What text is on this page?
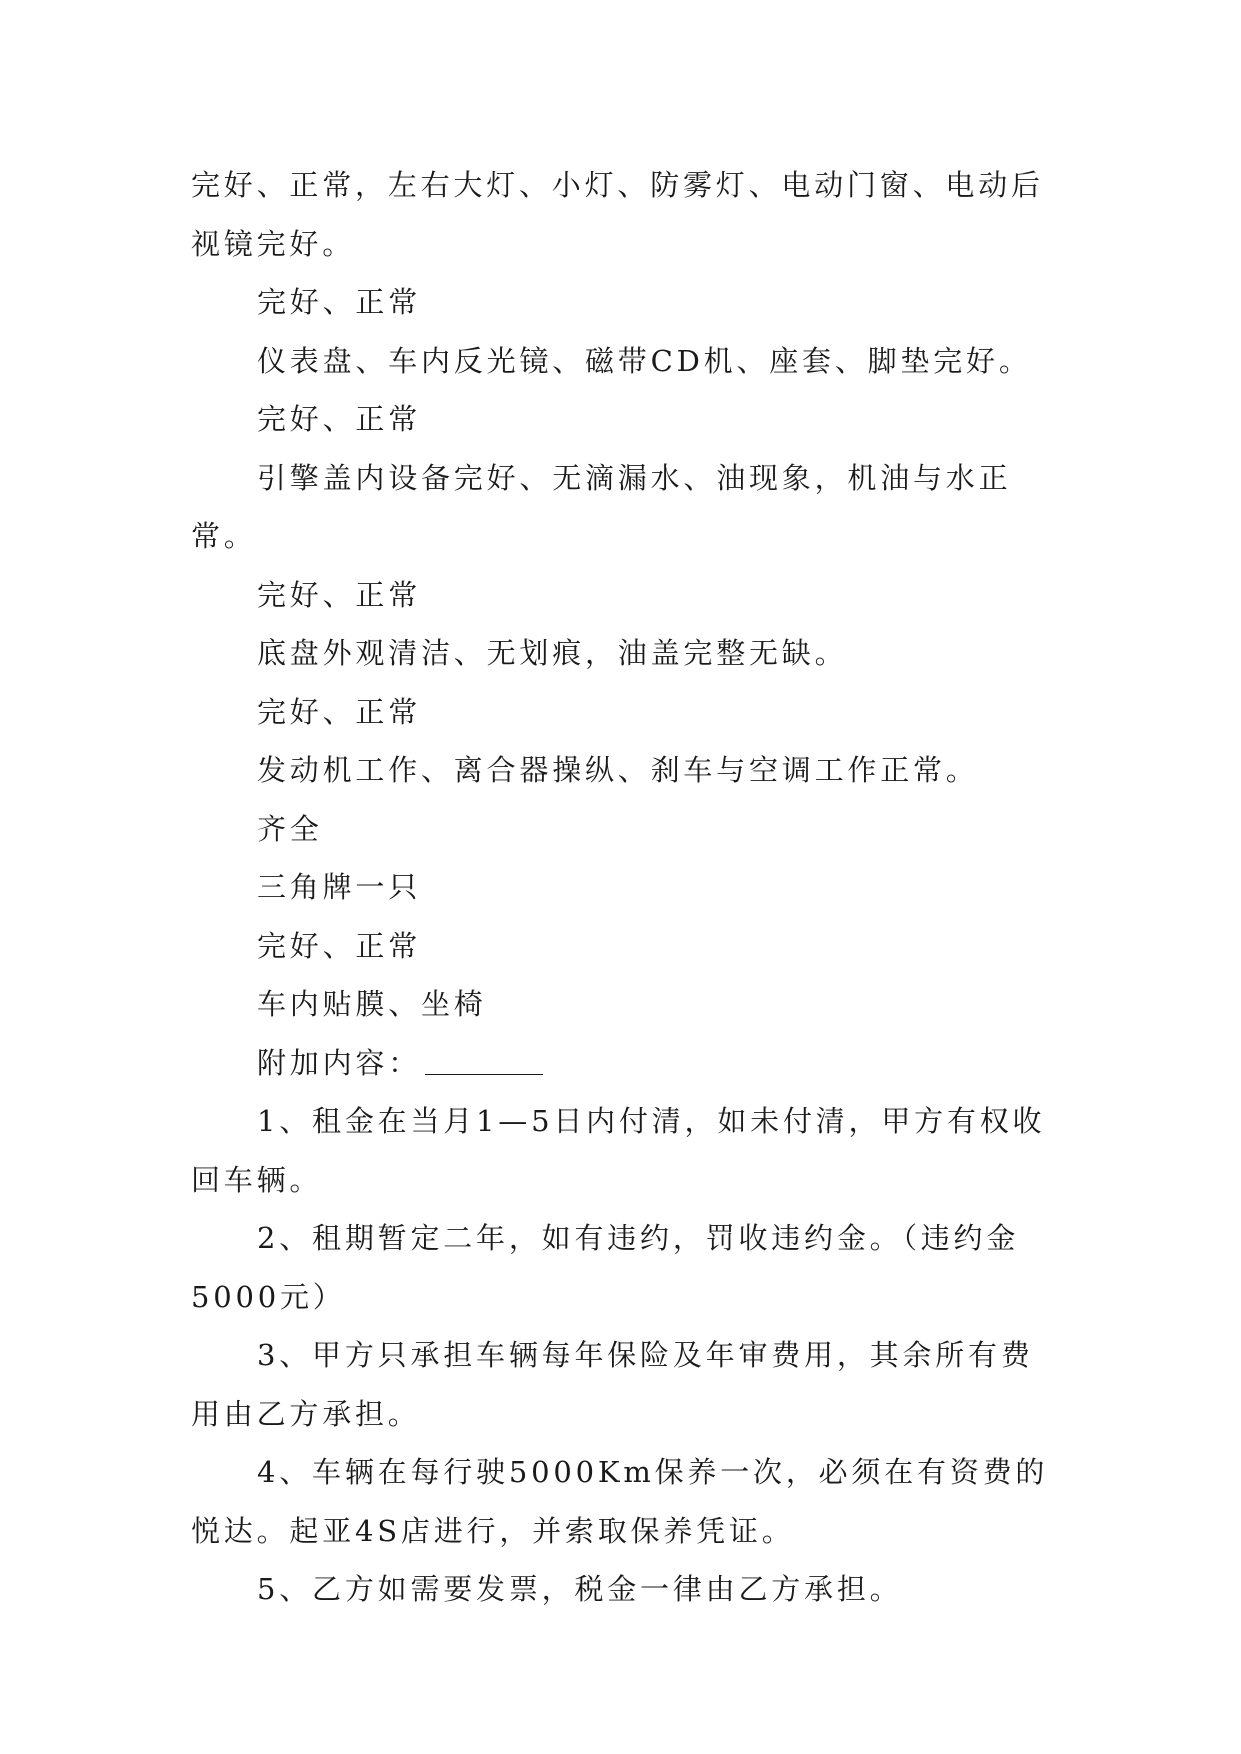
完好、正常，左右大灯、小灯、防雾灯、电动门窗、电动后视镜完好。

完好、正常

仪表盘、车内反光镜、磁带CD机、座套、脚垫完好。

完好、正常

引擎盖内设备完好、无滴漏水、油现象，机油与水正常。

完好、正常

底盘外观清洁、无划痕，油盖完整无缺。

完好、正常

发动机工作、离合器操纵、刹车与空调工作正常。

齐全

三角牌一只

完好、正常

车内贴膜、坐椅

附加内容：

1、租金在当月1—5日内付清，如未付清，甲方有权收回车辆。

2、租期暂定二年，如有违约，罚收违约金。（违约金5000元）

3、甲方只承担车辆每年保险及年审费用，其余所有费用由乙方承担。

4、车辆在每行驶5000Km保养一次，必须在有资费的悦达。起亚4S店进行，并索取保养凭证。

5、乙方如需要发票，税金一律由乙方承担。
